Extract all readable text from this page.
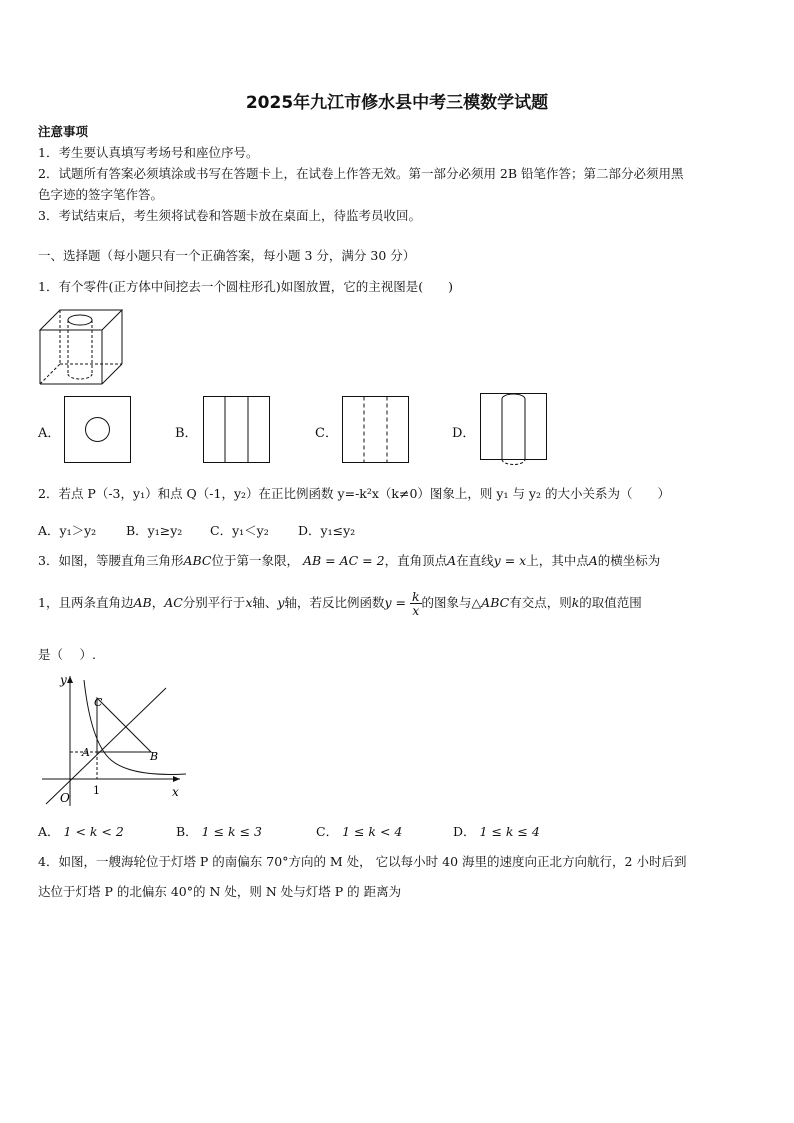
2025年九江市修水县中考三模数学试题
注意事项
1．考生要认真填写考场号和座位序号。
2．试题所有答案必须填涂或书写在答题卡上，在试卷上作答无效。第一部分必须用 2B 铅笔作答；第二部分必须用黑
色字迹的签字笔作答。
3．考试结束后，考生须将试卷和答题卡放在桌面上，待监考员收回。
一、选择题（每小题只有一个正确答案，每小题 3 分，满分 30 分）
1．有个零件(正方体中间挖去一个圆柱形孔)如图放置，它的主视图是(　　)
A．	B．	C．	D．
2．若点 P（-3，y₁）和点 Q（-1，y₂）在正比例函数 y=-k²x（k≠0）图象上，则 y₁ 与 y₂ 的大小关系为（　　）
A．y₁＞y₂ B．y₁≥y₂ C．y₁＜y₂ D．y₁≤y₂
3．如图，等腰直角三角形ABC位于第一象限， AB = AC = 2，直角顶点A在直线y = x上，其中点A的横坐标为
1，且两条直角边AB，AC分别平行于x轴、y轴，若反比例函数$y = \frac{k}{x}$ 的图象与△ABC有交点，则k的取值范围
是（　 ）.
y
x
O
1
A	B
C
A． 1 < k < 2	B． 1 ≤ k ≤ 3	C． 1 ≤ k < 4	D． 1 ≤ k ≤ 4
4．如图，一艘海轮位于灯塔 P 的南偏东 70°方向的 M 处， 它以每小时 40 海里的速度向正北方向航行，2 小时后到
达位于灯塔 P 的北偏东 40°的 N 处，则 N 处与灯塔 P 的 距离为
